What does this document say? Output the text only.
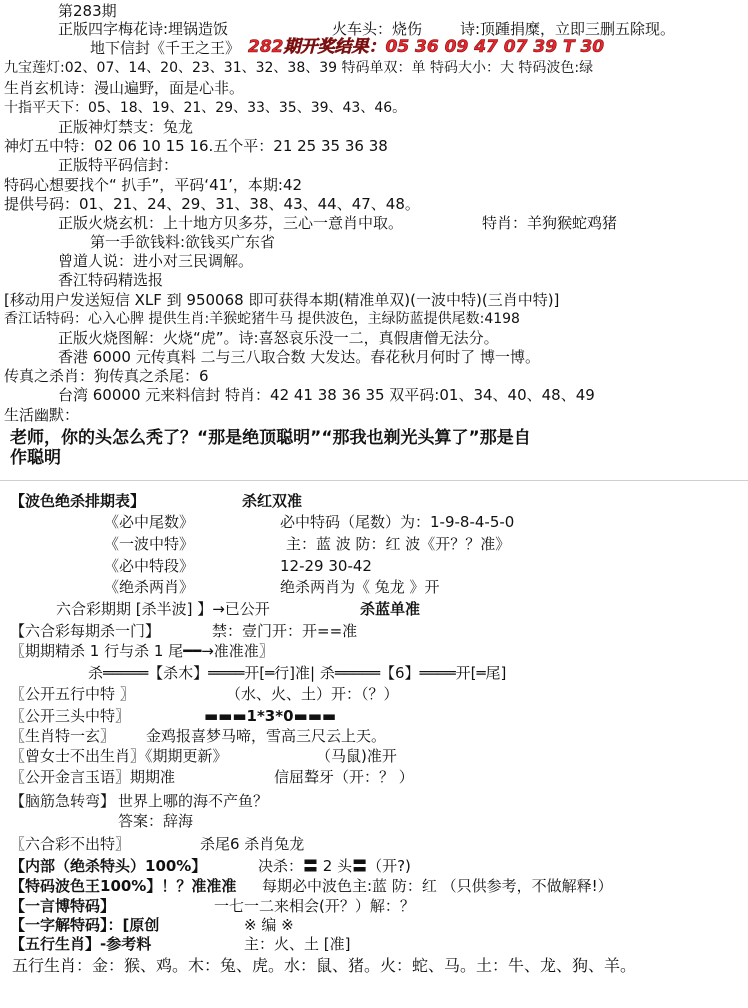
第283期
正版四字梅花诗:埋锅造饭	火车头：烧伤	诗:顶踵捐糜，立即三删五除现。
地下信封《千王之王》 282期开奖结果：05 36 09 47 07 39 T 30
九宝莲灯:02、07、14、20、23、31、32、38、39 特码单双：单 特码大小：大 特码波色:绿
生肖玄机诗：漫山遍野，面是心非。
十指平天下：05、18、19、21、29、33、35、39、43、46。
正版神灯禁支：兔龙
神灯五中特：02 06 10 15 16.五个平：21 25 35 36 38
正版特平码信封：
特码心想要找个“ 扒手”，平码‘41’，本期:42
提供号码：01、21、24、29、31、38、43、44、47、48。
正版火烧玄机：上十地方贝多芬，三心一意肖中取。	特肖：羊狗猴蛇鸡猪
第一手欲钱料:欲钱买广东省
曾道人说：进小对三民调解。
香江特码精选报
[移动用户发送短信 XLF 到 950068 即可获得本期(精准单双)(一波中特)(三肖中特)]
香江话特码：心入心脾 提供生肖:羊猴蛇猪牛马 提供波色，主绿防蓝提供尾数:4198
正版火烧图解：火烧“虎”。诗:喜怒哀乐没一二，真假唐僧无法分。
香港 6000 元传真料 二与三八取合数 大发达。春花秋月何时了 博一博。
传真之杀肖：狗传真之杀尾：6
台湾 60000 元来料信封 特肖：42 41 38 36 35 双平码:01、34、40、48、49
生活幽默：
老师，你的头怎么秃了？“那是绝顶聪明”“那我也剃光头算了”那是自
作聪明
【波色绝杀排期表】	杀红双准
《必中尾数》	必中特码（尾数）为：1-9-8-4-5-0
《一波中特》	主：蓝 波 防：红 波《开？？准》
《必中特段》	12-29 30-42
《绝杀两肖》	绝杀两肖为《 兔龙 》开
六合彩期期 [杀半波] 】→已公开	杀蓝单准
【六合彩每期杀一门】	禁：壹门开：开==准
〖期期精杀 1 行与杀 1 尾━━→准准准〗
杀═════【杀木】════开[═行]准| 杀═════【6】════开[═尾]
〖公开五行中特 〗	（水、火、土）开：（？）
〖公开三头中特〗	▬▬▬1*3*0▬▬▬
〖生肖特一玄〗 金鸡报喜梦马啼，雪高三尺云上天。
〖曾女士不出生肖〗《期期更新》	（马鼠)准开
〖公开金言玉语〗期期准	信屈聱牙（开：？ ）
【脑筋急转弯】 世界上哪的海不产鱼？
答案：辞海
〖六合彩不出特〗	杀尾6 杀肖兔龙
【内部（绝杀特头）100%】	决杀：〓 2 头〓（开?)
【特码波色王100%】！？准准准 每期必中波色主:蓝 防：红 （只供参考，不做解释!）
【一言博特码】	一七一二来相会(开？）解：？
【一字解特码】：[原创	※ 编 ※
【五行生肖】-参考料	主：火、土 [准]
五行生肖：金：猴、鸡。木：兔、虎。水：鼠、猪。火：蛇、马。土：牛、龙、狗、羊。
